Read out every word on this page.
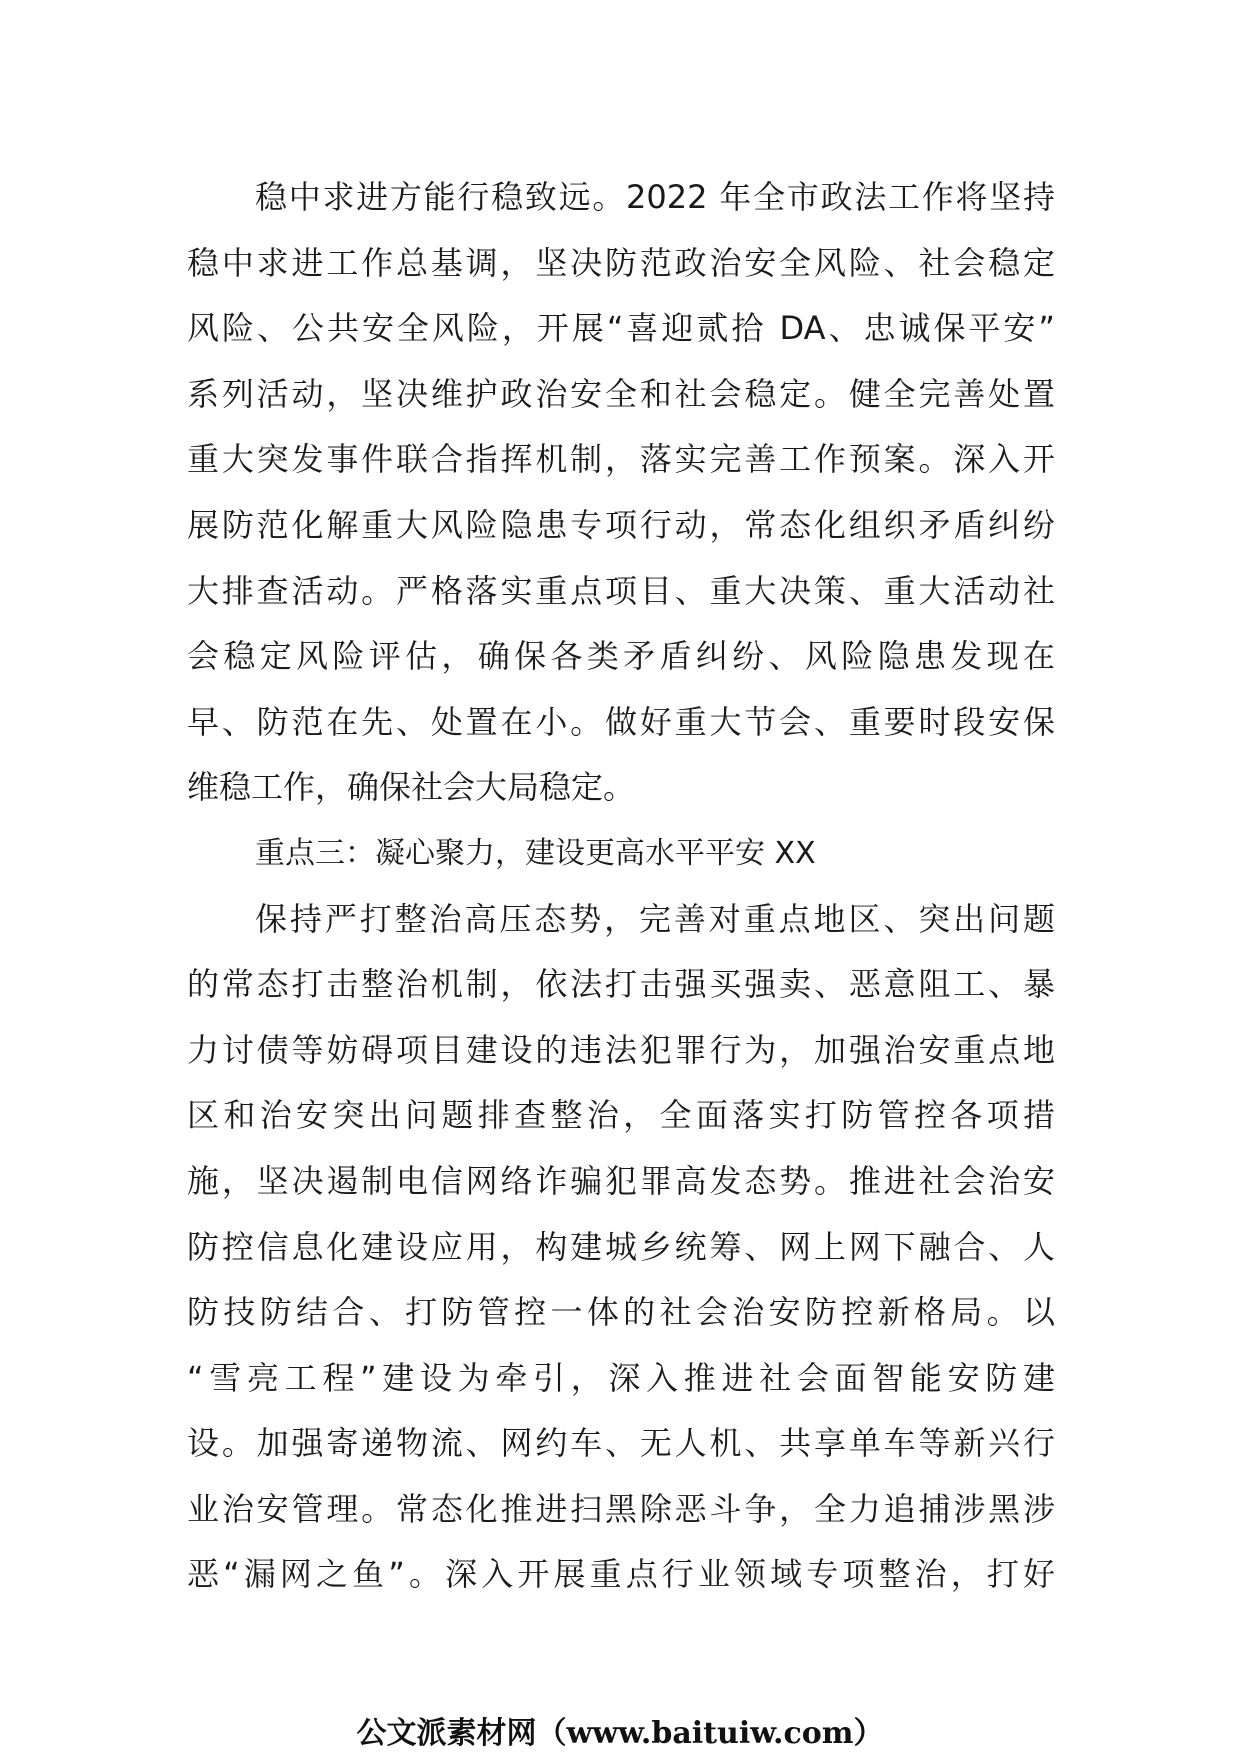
稳中求进方能行稳致远。2022 年全市政法工作将坚持
稳中求进工作总基调，坚决防范政治安全风险、社会稳定
风险、公共安全风险，开展“喜迎贰拾 DA、忠诚保平安”
系列活动，坚决维护政治安全和社会稳定。健全完善处置
重大突发事件联合指挥机制，落实完善工作预案。深入开
展防范化解重大风险隐患专项行动，常态化组织矛盾纠纷
大排查活动。严格落实重点项目、重大决策、重大活动社
会稳定风险评估，确保各类矛盾纠纷、风险隐患发现在
早、防范在先、处置在小。做好重大节会、重要时段安保
维稳工作，确保社会大局稳定。
重点三：凝心聚力，建设更高水平平安 XX
保持严打整治高压态势，完善对重点地区、突出问题
的常态打击整治机制，依法打击强买强卖、恶意阻工、暴
力讨债等妨碍项目建设的违法犯罪行为，加强治安重点地
区和治安突出问题排查整治，全面落实打防管控各项措
施，坚决遏制电信网络诈骗犯罪高发态势。推进社会治安
防控信息化建设应用，构建城乡统筹、网上网下融合、人
防技防结合、打防管控一体的社会治安防控新格局。以
“雪亮工程”建设为牵引，深入推进社会面智能安防建
设。加强寄递物流、网约车、无人机、共享单车等新兴行
业治安管理。常态化推进扫黑除恶斗争，全力追捕涉黑涉
恶“漏网之鱼”。深入开展重点行业领域专项整治，打好
公文派素材网（www.baituiw.com）
